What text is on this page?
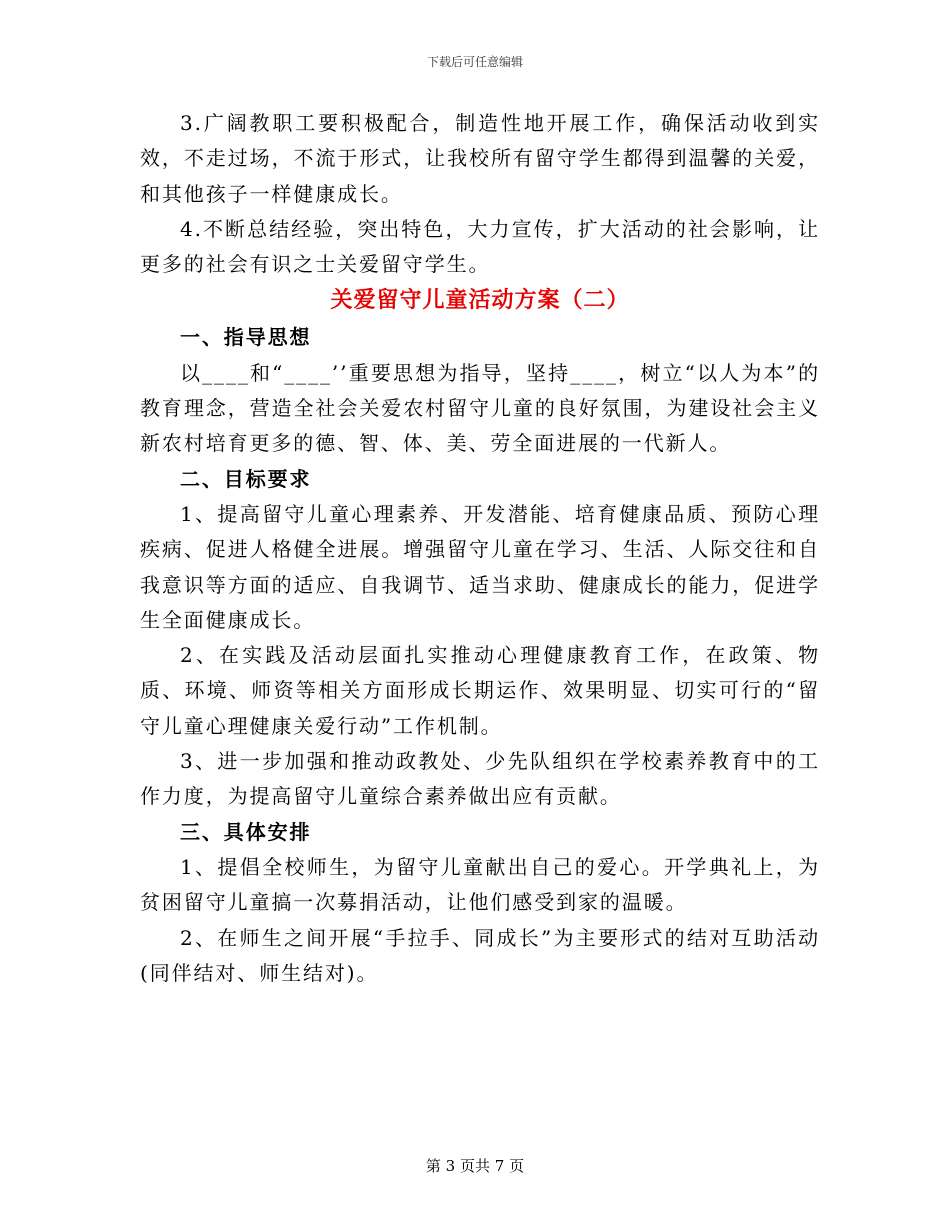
下载后可任意编辑

3.广阔教职工要积极配合，制造性地开展工作，确保活动收到实效，不走过场，不流于形式，让我校所有留守学生都得到温馨的关爱，和其他孩子一样健康成长。

4.不断总结经验，突出特色，大力宣传，扩大活动的社会影响，让更多的社会有识之士关爱留守学生。

关爱留守儿童活动方案（二）
一、指导思想

以____和“____’’重要思想为指导，坚持____，树立“以人为本”的教育理念，营造全社会关爱农村留守儿童的良好氛围，为建设社会主义新农村培育更多的德、智、体、美、劳全面进展的一代新人。

二、目标要求

1、提高留守儿童心理素养、开发潜能、培育健康品质、预防心理疾病、促进人格健全进展。增强留守儿童在学习、生活、人际交往和自我意识等方面的适应、自我调节、适当求助、健康成长的能力，促进学生全面健康成长。

2、在实践及活动层面扎实推动心理健康教育工作，在政策、物质、环境、师资等相关方面形成长期运作、效果明显、切实可行的“留守儿童心理健康关爱行动”工作机制。

3、进一步加强和推动政教处、少先队组织在学校素养教育中的工作力度，为提高留守儿童综合素养做出应有贡献。

三、具体安排

1、提倡全校师生，为留守儿童献出自己的爱心。开学典礼上，为贫困留守儿童搞一次募捐活动，让他们感受到家的温暖。

2、在师生之间开展“手拉手、同成长”为主要形式的结对互助活动(同伴结对、师生结对)。

第 3 页共 7 页
